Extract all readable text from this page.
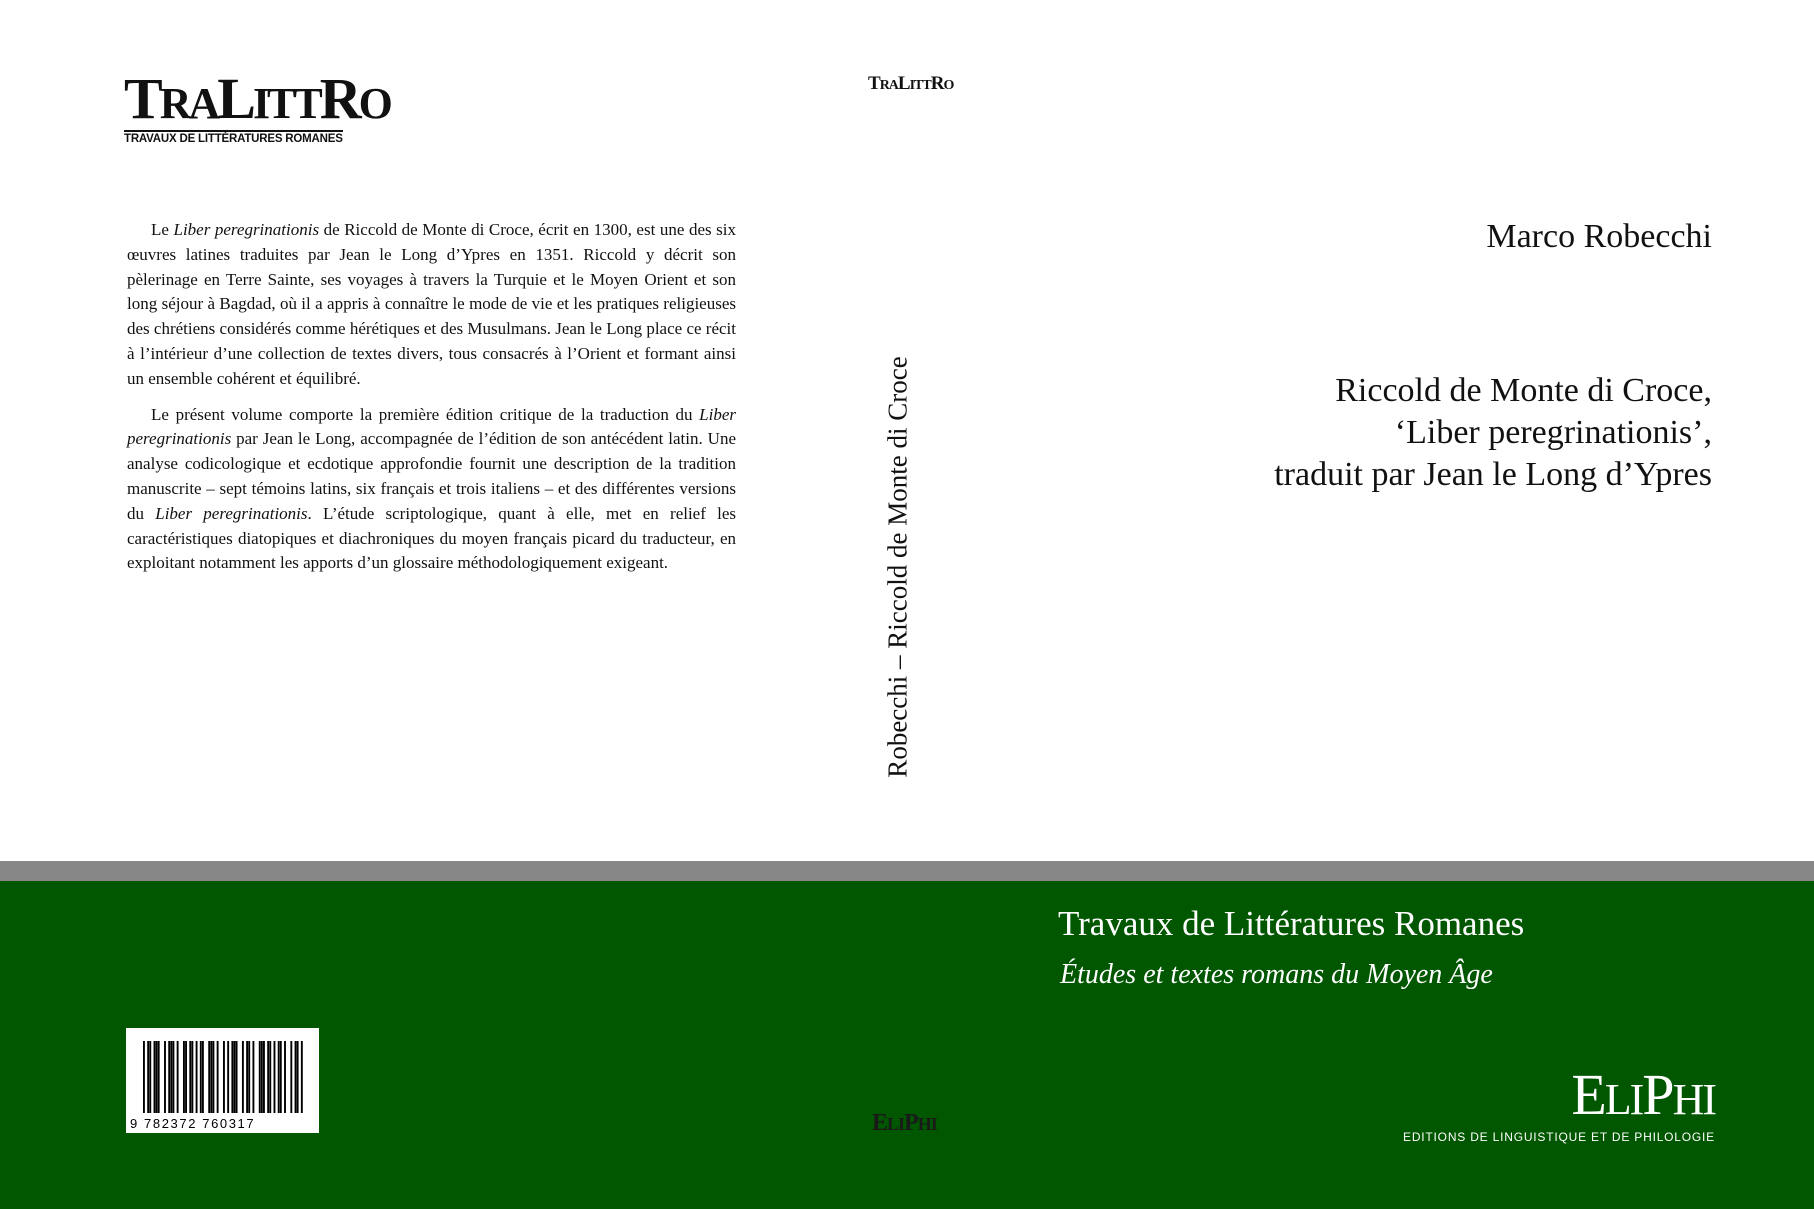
TRALITTRO
TRAVAUX DE LITTÉRATURES ROMANES

Le Liber peregrinationis de Riccold de Monte di Croce, écrit en 1300, est une des six œuvres latines traduites par Jean le Long d’Ypres en 1351. Riccold y décrit son pèlerinage en Terre Sainte, ses voyages à travers la Turquie et le Moyen Orient et son long séjour à Bagdad, où il a appris à connaître le mode de vie et les pratiques religieuses des chrétiens considérés comme hérétiques et des Musulmans. Jean le Long place ce récit à l’intérieur d’une collection de textes divers, tous consacrés à l’Orient et formant ainsi un ensemble cohérent et équilibré.

Le présent volume comporte la première édition critique de la traduction du Liber peregrinationis par Jean le Long, accompagnée de l’édition de son antécédent latin. Une analyse codicologique et ecdotique approfondie fournit une description de la tradition manuscrite – sept témoins latins, six français et trois italiens – et des différentes versions du Liber peregrinationis. L’étude scriptologique, quant à elle, met en relief les caractéristiques diatopiques et diachroniques du moyen français picard du traducteur, en exploitant notamment les apports d’un glossaire méthodologiquement exigeant.

TRALITTRO
Robecchi – Riccold de Monte di Croce
Marco Robecchi
Riccold de Monte di Croce,
‘Liber peregrinationis’,
traduit par Jean le Long d’Ypres
Travaux de Littératures Romanes
Études et textes romans du Moyen Âge
9 782372 760317	ELIPHI	ELIPHI
EDITIONS DE LINGUISTIQUE ET DE PHILOLOGIE
